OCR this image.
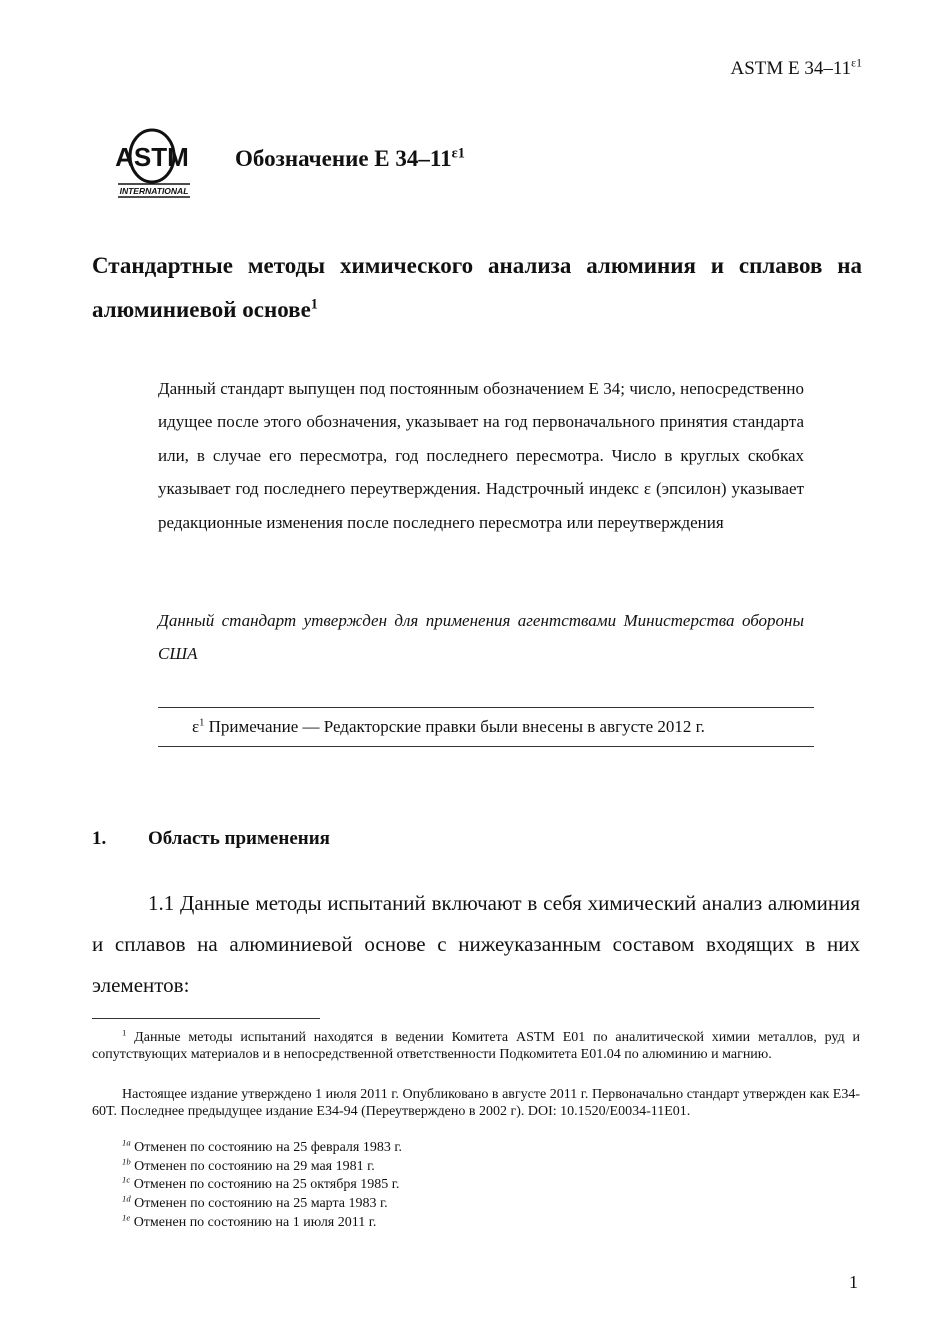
ASTM E $34-11^{\varepsilon 1}$
ASTM
INTERNATIONAL
Обозначение E $34-11^{\varepsilon 1}$
Стандартные методы химического анализа алюминия и сплавов на алюминиевой основе$^1$
Данный стандарт выпущен под постоянным обозначением E 34; число, непосредственно идущее после этого обозначения, указывает на год первоначального принятия стандарта или, в случае его пересмотра, год последнего пересмотра. Число в круглых скобках указывает год последнего переутверждения. Надстрочный индекс ε (эпсилон) указывает редакционные изменения после последнего пересмотра или переутверждения
Данный стандарт утвержден для применения агентствами Министерства обороны США
$\varepsilon^1$ Примечание — Редакторские правки были внесены в августе 2012 г.
1. Область применения
1.1 Данные методы испытаний включают в себя химический анализ алюминия и сплавов на алюминиевой основе с нижеуказанным составом входящих в них элементов:
$^1$ Данные методы испытаний находятся в ведении Комитета ASTM E01 по аналитической химии металлов, руд и сопутствующих материалов и в непосредственной ответственности Подкомитета E01.04 по алюминию и магнию.
Настоящее издание утверждено 1 июля 2011 г. Опубликовано в августе 2011 г. Первоначально стандарт утвержден как E34-60T. Последнее предыдущее издание E34-94 (Переутверждено в 2002 г). DOI: 10.1520/E0034-11E01.
$^{1a}$ Отменен по состоянию на 25 февраля 1983 г.
$^{1b}$ Отменен по состоянию на 29 мая 1981 г.
$^{1c}$ Отменен по состоянию на 25 октября 1985 г.
$^{1d}$ Отменен по состоянию на 25 марта 1983 г.
$^{1e}$ Отменен по состоянию на 1 июля 2011 г.
1
